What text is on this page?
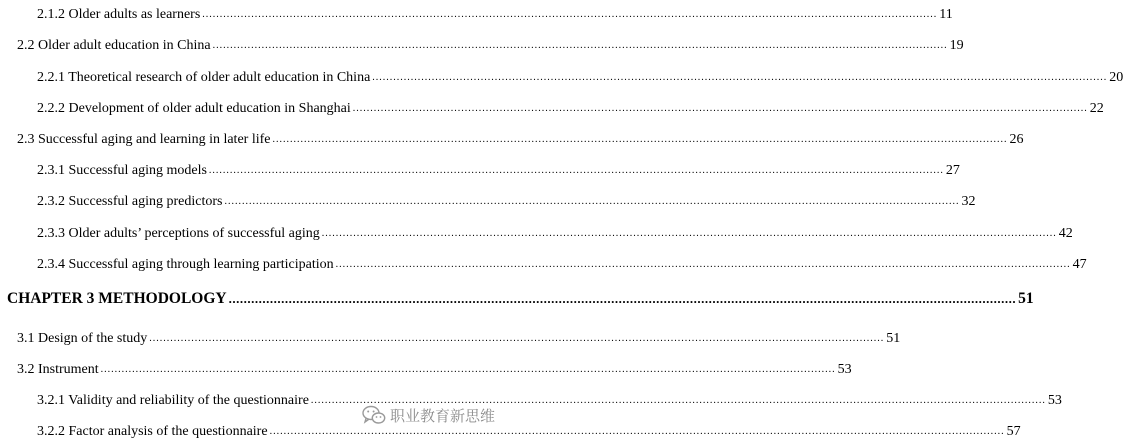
2.1.2 Older adults as learners .................................................................................................................................................................................................................. 11
2.2 Older adult education in China .................................................................................................................................................................................................................. 19
2.2.1 Theoretical research of older adult education in China .................................................................................................................................................................................................................. 20
2.2.2 Development of older adult education in Shanghai .................................................................................................................................................................................................................. 22
2.3 Successful aging and learning in later life .................................................................................................................................................................................................................. 26
2.3.1 Successful aging models .................................................................................................................................................................................................................. 27
2.3.2 Successful aging predictors .................................................................................................................................................................................................................. 32
2.3.3 Older adults’ perceptions of successful aging .................................................................................................................................................................................................................. 42
2.3.4 Successful aging through learning participation .................................................................................................................................................................................................................. 47
CHAPTER 3 METHODOLOGY .................................................................................................................................................................................................................. 51
3.1 Design of the study .................................................................................................................................................................................................................. 51
3.2 Instrument .................................................................................................................................................................................................................. 53
3.2.1 Validity and reliability of the questionnaire .................................................................................................................................................................................................................. 53
3.2.2 Factor analysis of the questionnaire .................................................................................................................................................................................................................. 57
职业教育新思维
